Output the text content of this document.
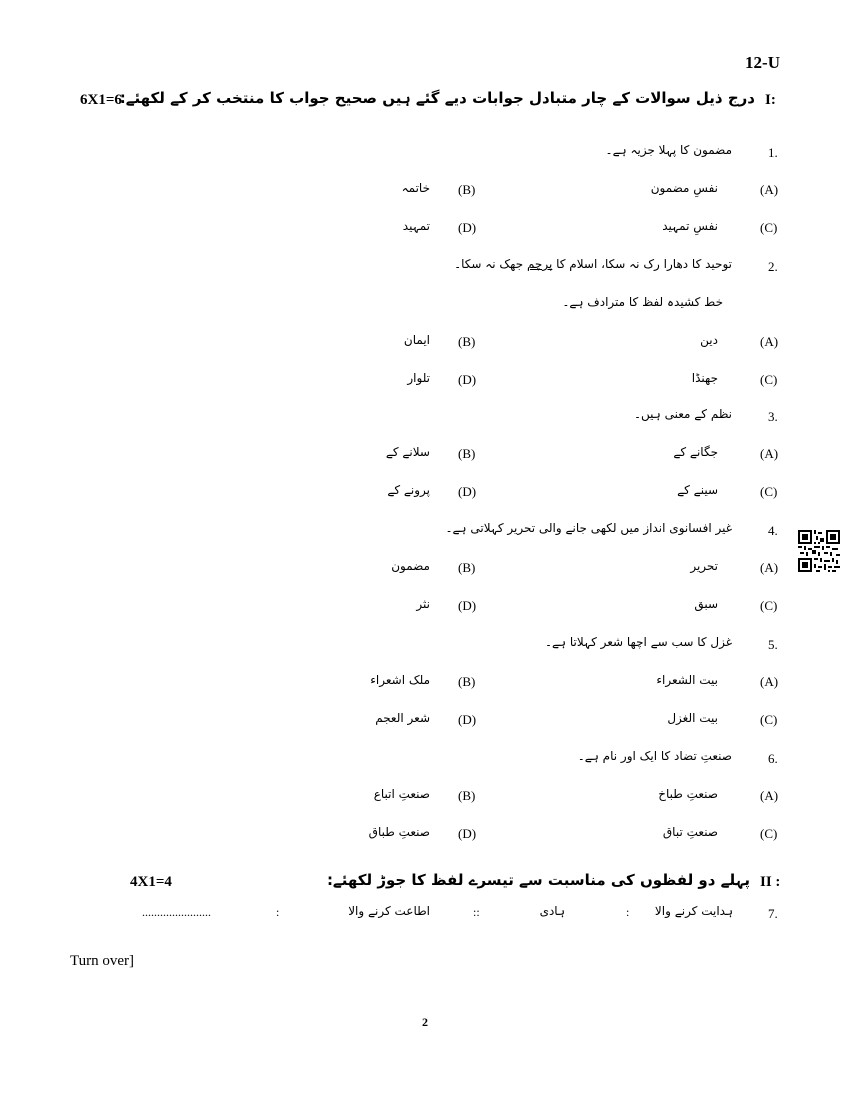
12-U
I:
درج ذیل سوالات کے چار متبادل جوابات دیے گئے ہیں صحیح جواب کا منتخب کر کے لکھئے:
6X1=6
1.
مضمون کا پہلا جزیہ ہے۔
(A)
نفسِ مضمون
(B)
خاتمہ
(C)
نفسِ تمہید
(D)
تمہید
2.
توحید کا دھارا رک نہ سکا، اسلام کا پرچم جھک نہ سکا۔
خط کشیدہ لفظ کا مترادف ہے۔
(A)
دین
(B)
ایمان
(C)
جھنڈا
(D)
تلوار
3.
نظم کے معنی ہیں۔
(A)
جگانے کے
(B)
سلانے کے
(C)
سینے کے
(D)
پرونے کے
4.
غیر افسانوی انداز میں لکھی جانے والی تحریر کہلاتی ہے۔
(A)
تحریر
(B)
مضمون
(C)
سبق
(D)
نثر
5.
غزل کا سب سے اچھا شعر کہلاتا ہے۔
(A)
بیت الشعراء
(B)
ملک اشعراء
(C)
بیت الغزل
(D)
شعر العجم
6.
صنعتِ تضاد کا ایک اور نام ہے۔
(A)
صنعتِ طباخ
(B)
صنعتِ اتباع
(C)
صنعتِ تباق
(D)
صنعتِ طباق
II :
پہلے دو لفظوں کی مناسبت سے تیسرے لفظ کا جوڑ لکھئے:
4X1=4
7.
ہدایت کرنے والا
:
ہادی
::
اطاعت کرنے والا
:
.......................
Turn over]
2
